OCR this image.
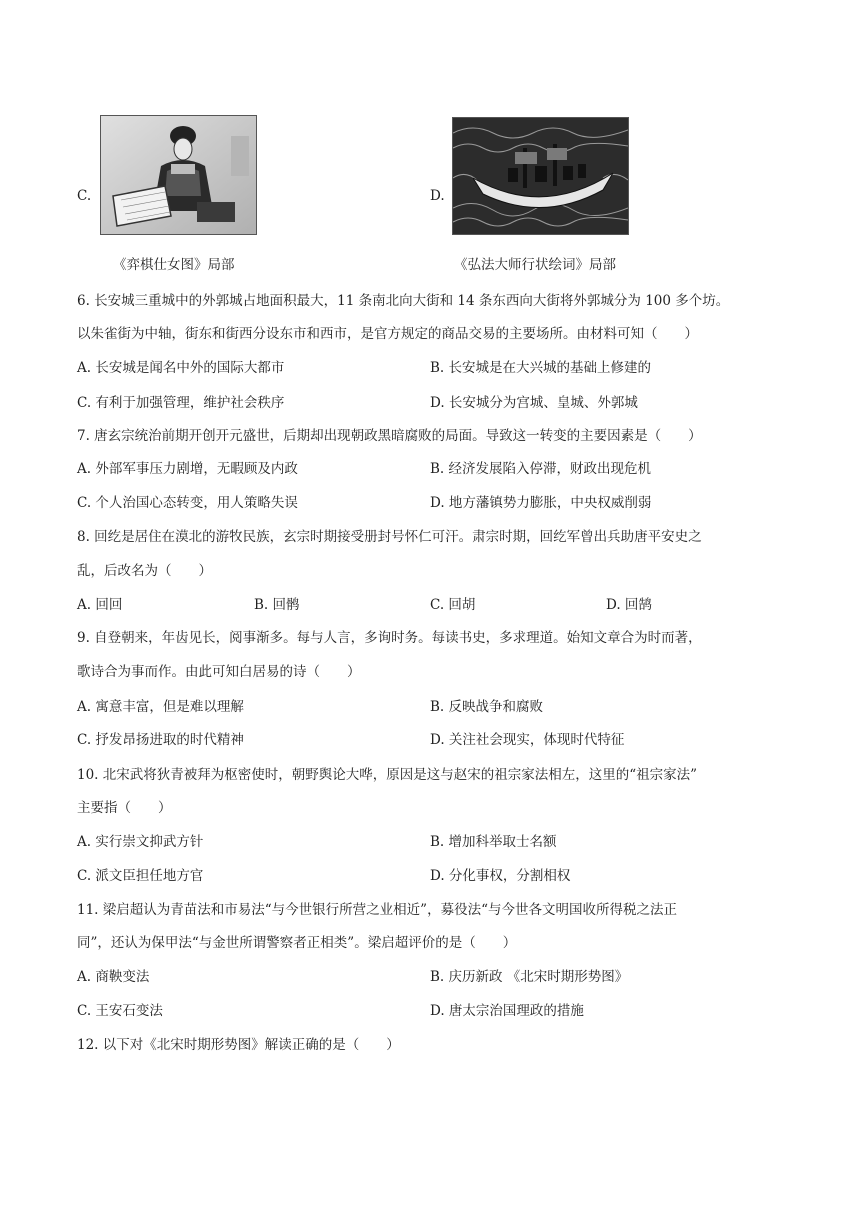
C.
《弈棋仕女图》局部
D.
《弘法大师行状绘词》局部
6. 长安城三重城中的外郭城占地面积最大，11 条南北向大街和 14 条东西向大街将外郭城分为 100 多个坊。
以朱雀街为中轴，街东和街西分设东市和西市，是官方规定的商品交易的主要场所。由材料可知（　　）
A. 长安城是闻名中外的国际大都市	B. 长安城是在大兴城的基础上修建的
C. 有利于加强管理，维护社会秩序	D. 长安城分为宫城、皇城、外郭城
7. 唐玄宗统治前期开创开元盛世，后期却出现朝政黑暗腐败的局面。导致这一转变的主要因素是（　　）
A. 外部军事压力剧增，无暇顾及内政	B. 经济发展陷入停滞，财政出现危机
C. 个人治国心态转变，用人策略失误	D. 地方藩镇势力膨胀，中央权威削弱
8. 回纥是居住在漠北的游牧民族，玄宗时期接受册封号怀仁可汗。肃宗时期，回纥军曾出兵助唐平安史之
乱，后改名为（　　）
A. 回回	B. 回鹘	C. 回胡	D. 回鹄
9. 自登朝来，年齿见长，阅事渐多。每与人言，多询时务。每读书史，多求理道。始知文章合为时而著，
歌诗合为事而作。由此可知白居易的诗（　　）
A. 寓意丰富，但是难以理解	B. 反映战争和腐败
C. 抒发昂扬进取的时代精神	D. 关注社会现实，体现时代特征
10. 北宋武将狄青被拜为枢密使时，朝野舆论大哗，原因是这与赵宋的祖宗家法相左，这里的“祖宗家法”
主要指（　　）
A. 实行崇文抑武方针	B. 增加科举取士名额
C. 派文臣担任地方官	D. 分化事权，分割相权
11. 梁启超认为青苗法和市易法“与今世银行所营之业相近”，募役法“与今世各文明国收所得税之法正
同”，还认为保甲法“与金世所谓警察者正相类”。梁启超评价的是（　　）
A. 商鞅变法	B. 庆历新政 《北宋时期形势图》
C. 王安石变法	D. 唐太宗治国理政的措施
12. 以下对《北宋时期形势图》解读正确的是（　　）
